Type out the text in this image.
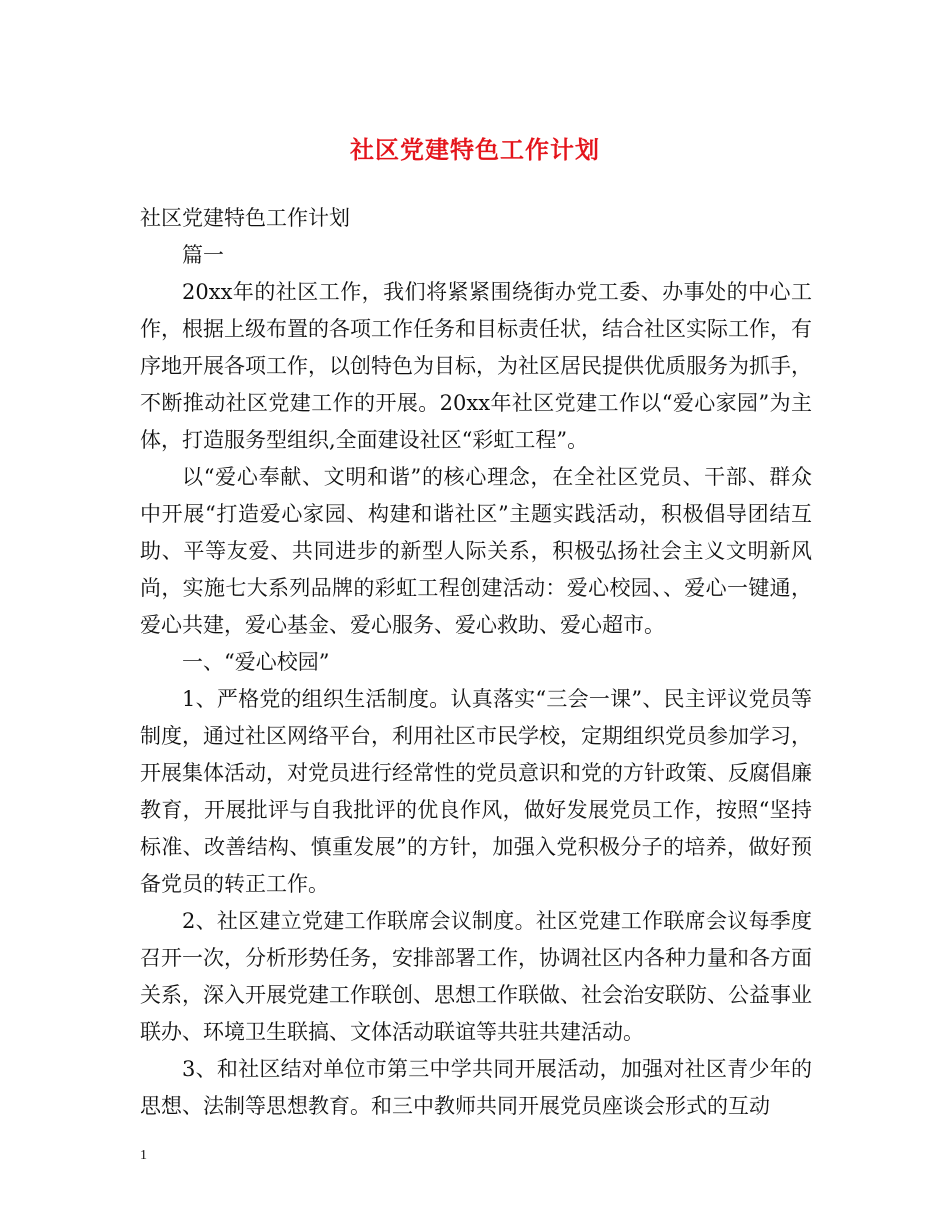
社区党建特色工作计划

社区党建特色工作计划

篇一

20xx年的社区工作，我们将紧紧围绕街办党工委、办事处的中心工作，根据上级布置的各项工作任务和目标责任状，结合社区实际工作，有序地开展各项工作，以创特色为目标，为社区居民提供优质服务为抓手，不断推动社区党建工作的开展。20xx年社区党建工作以“爱心家园”为主体，打造服务型组织,全面建设社区“彩虹工程”。

以“爱心奉献、文明和谐”的核心理念，在全社区党员、干部、群众中开展“打造爱心家园、构建和谐社区”主题实践活动，积极倡导团结互助、平等友爱、共同进步的新型人际关系，积极弘扬社会主义文明新风尚，实施七大系列品牌的彩虹工程创建活动：爱心校园、、爱心一键通，爱心共建，爱心基金、爱心服务、爱心救助、爱心超市。

一、“爱心校园”

1、严格党的组织生活制度。认真落实“三会一课”、民主评议党员等制度，通过社区网络平台，利用社区市民学校，定期组织党员参加学习，开展集体活动，对党员进行经常性的党员意识和党的方针政策、反腐倡廉教育，开展批评与自我批评的优良作风，做好发展党员工作，按照“坚持标准、改善结构、慎重发展”的方针，加强入党积极分子的培养，做好预备党员的转正工作。

2、社区建立党建工作联席会议制度。社区党建工作联席会议每季度召开一次，分析形势任务，安排部署工作，协调社区内各种力量和各方面关系，深入开展党建工作联创、思想工作联做、社会治安联防、公益事业联办、环境卫生联搞、文体活动联谊等共驻共建活动。

3、和社区结对单位市第三中学共同开展活动，加强对社区青少年的思想、法制等思想教育。和三中教师共同开展党员座谈会形式的互动

1
